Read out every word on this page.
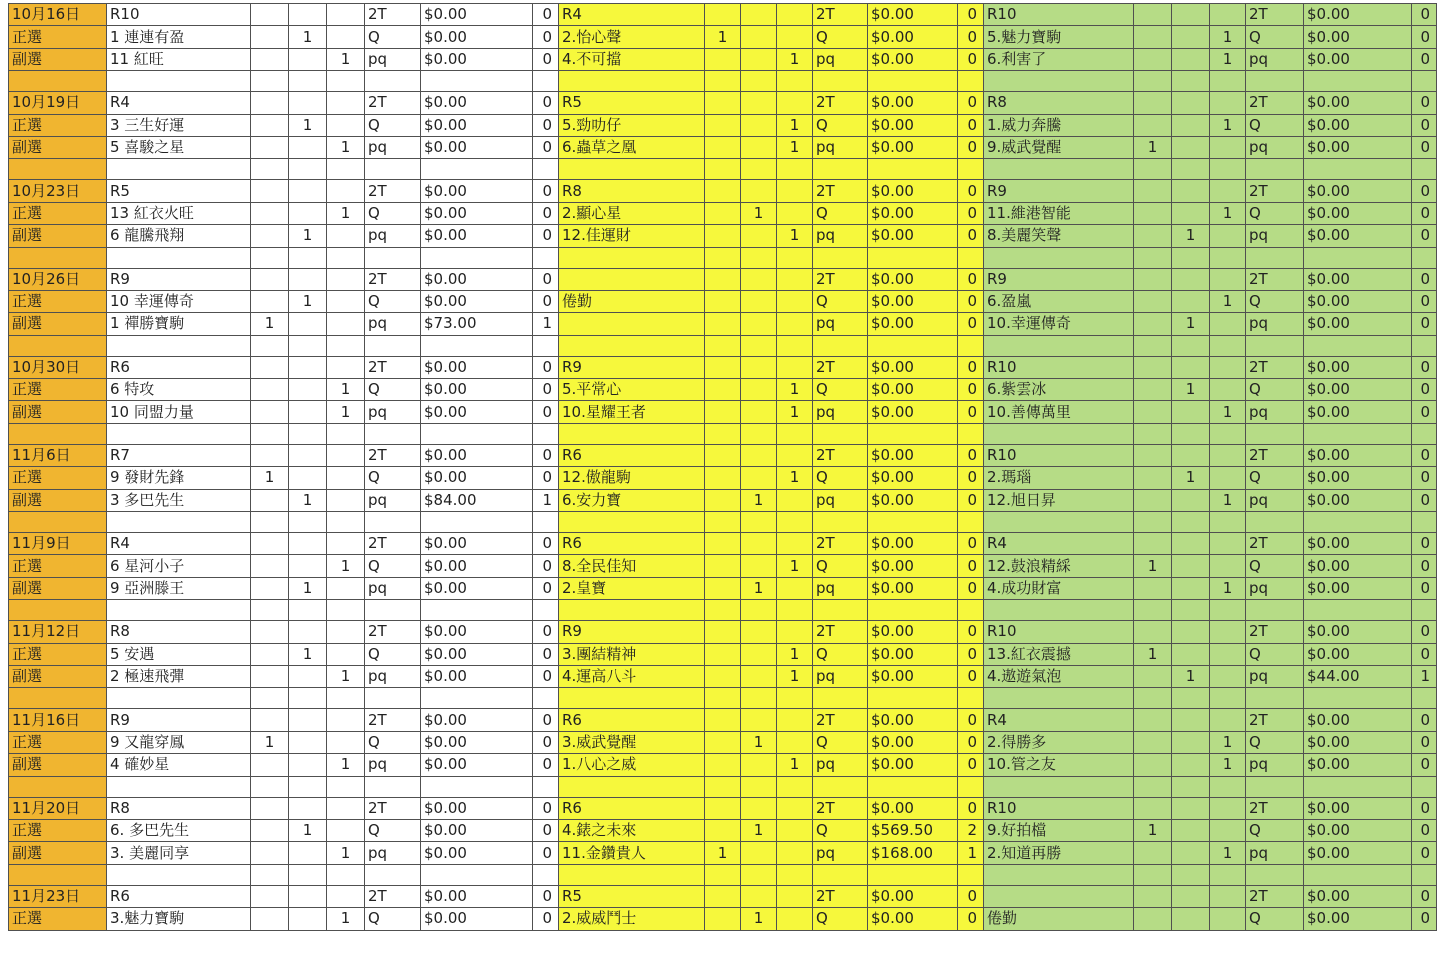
10月16日	R10				2T	$0.00	0	R4				2T	$0.00	0	R10				2T	$0.00	0
正選	1 連連有盈		1		Q	$0.00	0	2.怡心聲	1			Q	$0.00	0	5.魅力寶駒			1	Q	$0.00	0
副選	11 紅旺			1	pq	$0.00	0	4.不可擋			1	pq	$0.00	0	6.利害了			1	pq	$0.00	0

10月19日	R4				2T	$0.00	0	R5				2T	$0.00	0	R8				2T	$0.00	0
正選	3 三生好運		1		Q	$0.00	0	5.勁叻仔			1	Q	$0.00	0	1.威力奔騰			1	Q	$0.00	0
副選	5 喜駿之星			1	pq	$0.00	0	6.蟲草之凰			1	pq	$0.00	0	9.威武覺醒	1			pq	$0.00	0

10月23日	R5				2T	$0.00	0	R8				2T	$0.00	0	R9				2T	$0.00	0
正選	13 紅衣火旺			1	Q	$0.00	0	2.顯心星		1		Q	$0.00	0	11.維港智能			1	Q	$0.00	0
副選	6 龍騰飛翔		1		pq	$0.00	0	12.佳運財			1	pq	$0.00	0	8.美麗笑聲		1		pq	$0.00	0

10月26日	R9				2T	$0.00	0					2T	$0.00	0	R9				2T	$0.00	0
正選	10 幸運傳奇		1		Q	$0.00	0	倦勤				Q	$0.00	0	6.盈嵐			1	Q	$0.00	0
副選	1 禪勝寶駒	1			pq	$73.00	1					pq	$0.00	0	10.幸運傳奇		1		pq	$0.00	0

10月30日	R6				2T	$0.00	0	R9				2T	$0.00	0	R10				2T	$0.00	0
正選	6 特攻			1	Q	$0.00	0	5.平常心			1	Q	$0.00	0	6.紫雲冰		1		Q	$0.00	0
副選	10 同盟力量			1	pq	$0.00	0	10.星耀王者			1	pq	$0.00	0	10.善傳萬里			1	pq	$0.00	0

11月6日	R7				2T	$0.00	0	R6				2T	$0.00	0	R10				2T	$0.00	0
正選	9 發財先鋒	1			Q	$0.00	0	12.傲龍駒			1	Q	$0.00	0	2.瑪瑙		1		Q	$0.00	0
副選	3 多巴先生		1		pq	$84.00	1	6.安力寶		1		pq	$0.00	0	12.旭日昇			1	pq	$0.00	0

11月9日	R4				2T	$0.00	0	R6				2T	$0.00	0	R4				2T	$0.00	0
正選	6 星河小子			1	Q	$0.00	0	8.全民佳知			1	Q	$0.00	0	12.鼓浪精綵	1			Q	$0.00	0
副選	9 亞洲滕王		1		pq	$0.00	0	2.皇寶		1		pq	$0.00	0	4.成功財富			1	pq	$0.00	0

11月12日	R8				2T	$0.00	0	R9				2T	$0.00	0	R10				2T	$0.00	0
正選	5 安遇		1		Q	$0.00	0	3.團結精神			1	Q	$0.00	0	13.紅衣震撼	1			Q	$0.00	0
副選	2 極速飛彈			1	pq	$0.00	0	4.運高八斗			1	pq	$0.00	0	4.遨遊氣泡		1		pq	$44.00	1

11月16日	R9				2T	$0.00	0	R6				2T	$0.00	0	R4				2T	$0.00	0
正選	9 又龍穿鳳	1			Q	$0.00	0	3.威武覺醒		1		Q	$0.00	0	2.得勝多			1	Q	$0.00	0
副選	4 確妙星			1	pq	$0.00	0	1.八心之威			1	pq	$0.00	0	10.管之友			1	pq	$0.00	0

11月20日	R8				2T	$0.00	0	R6				2T	$0.00	0	R10				2T	$0.00	0
正選	6. 多巴先生		1		Q	$0.00	0	4.錶之未來		1		Q	$569.50	2	9.好拍檔	1			Q	$0.00	0
副選	3. 美麗同享			1	pq	$0.00	0	11.金鑽貴人	1			pq	$168.00	1	2.知道再勝			1	pq	$0.00	0

11月23日	R6				2T	$0.00	0	R5				2T	$0.00	0					2T	$0.00	0
正選	3.魅力寶駒			1	Q	$0.00	0	2.威威鬥士		1		Q	$0.00	0	倦勤				Q	$0.00	0
